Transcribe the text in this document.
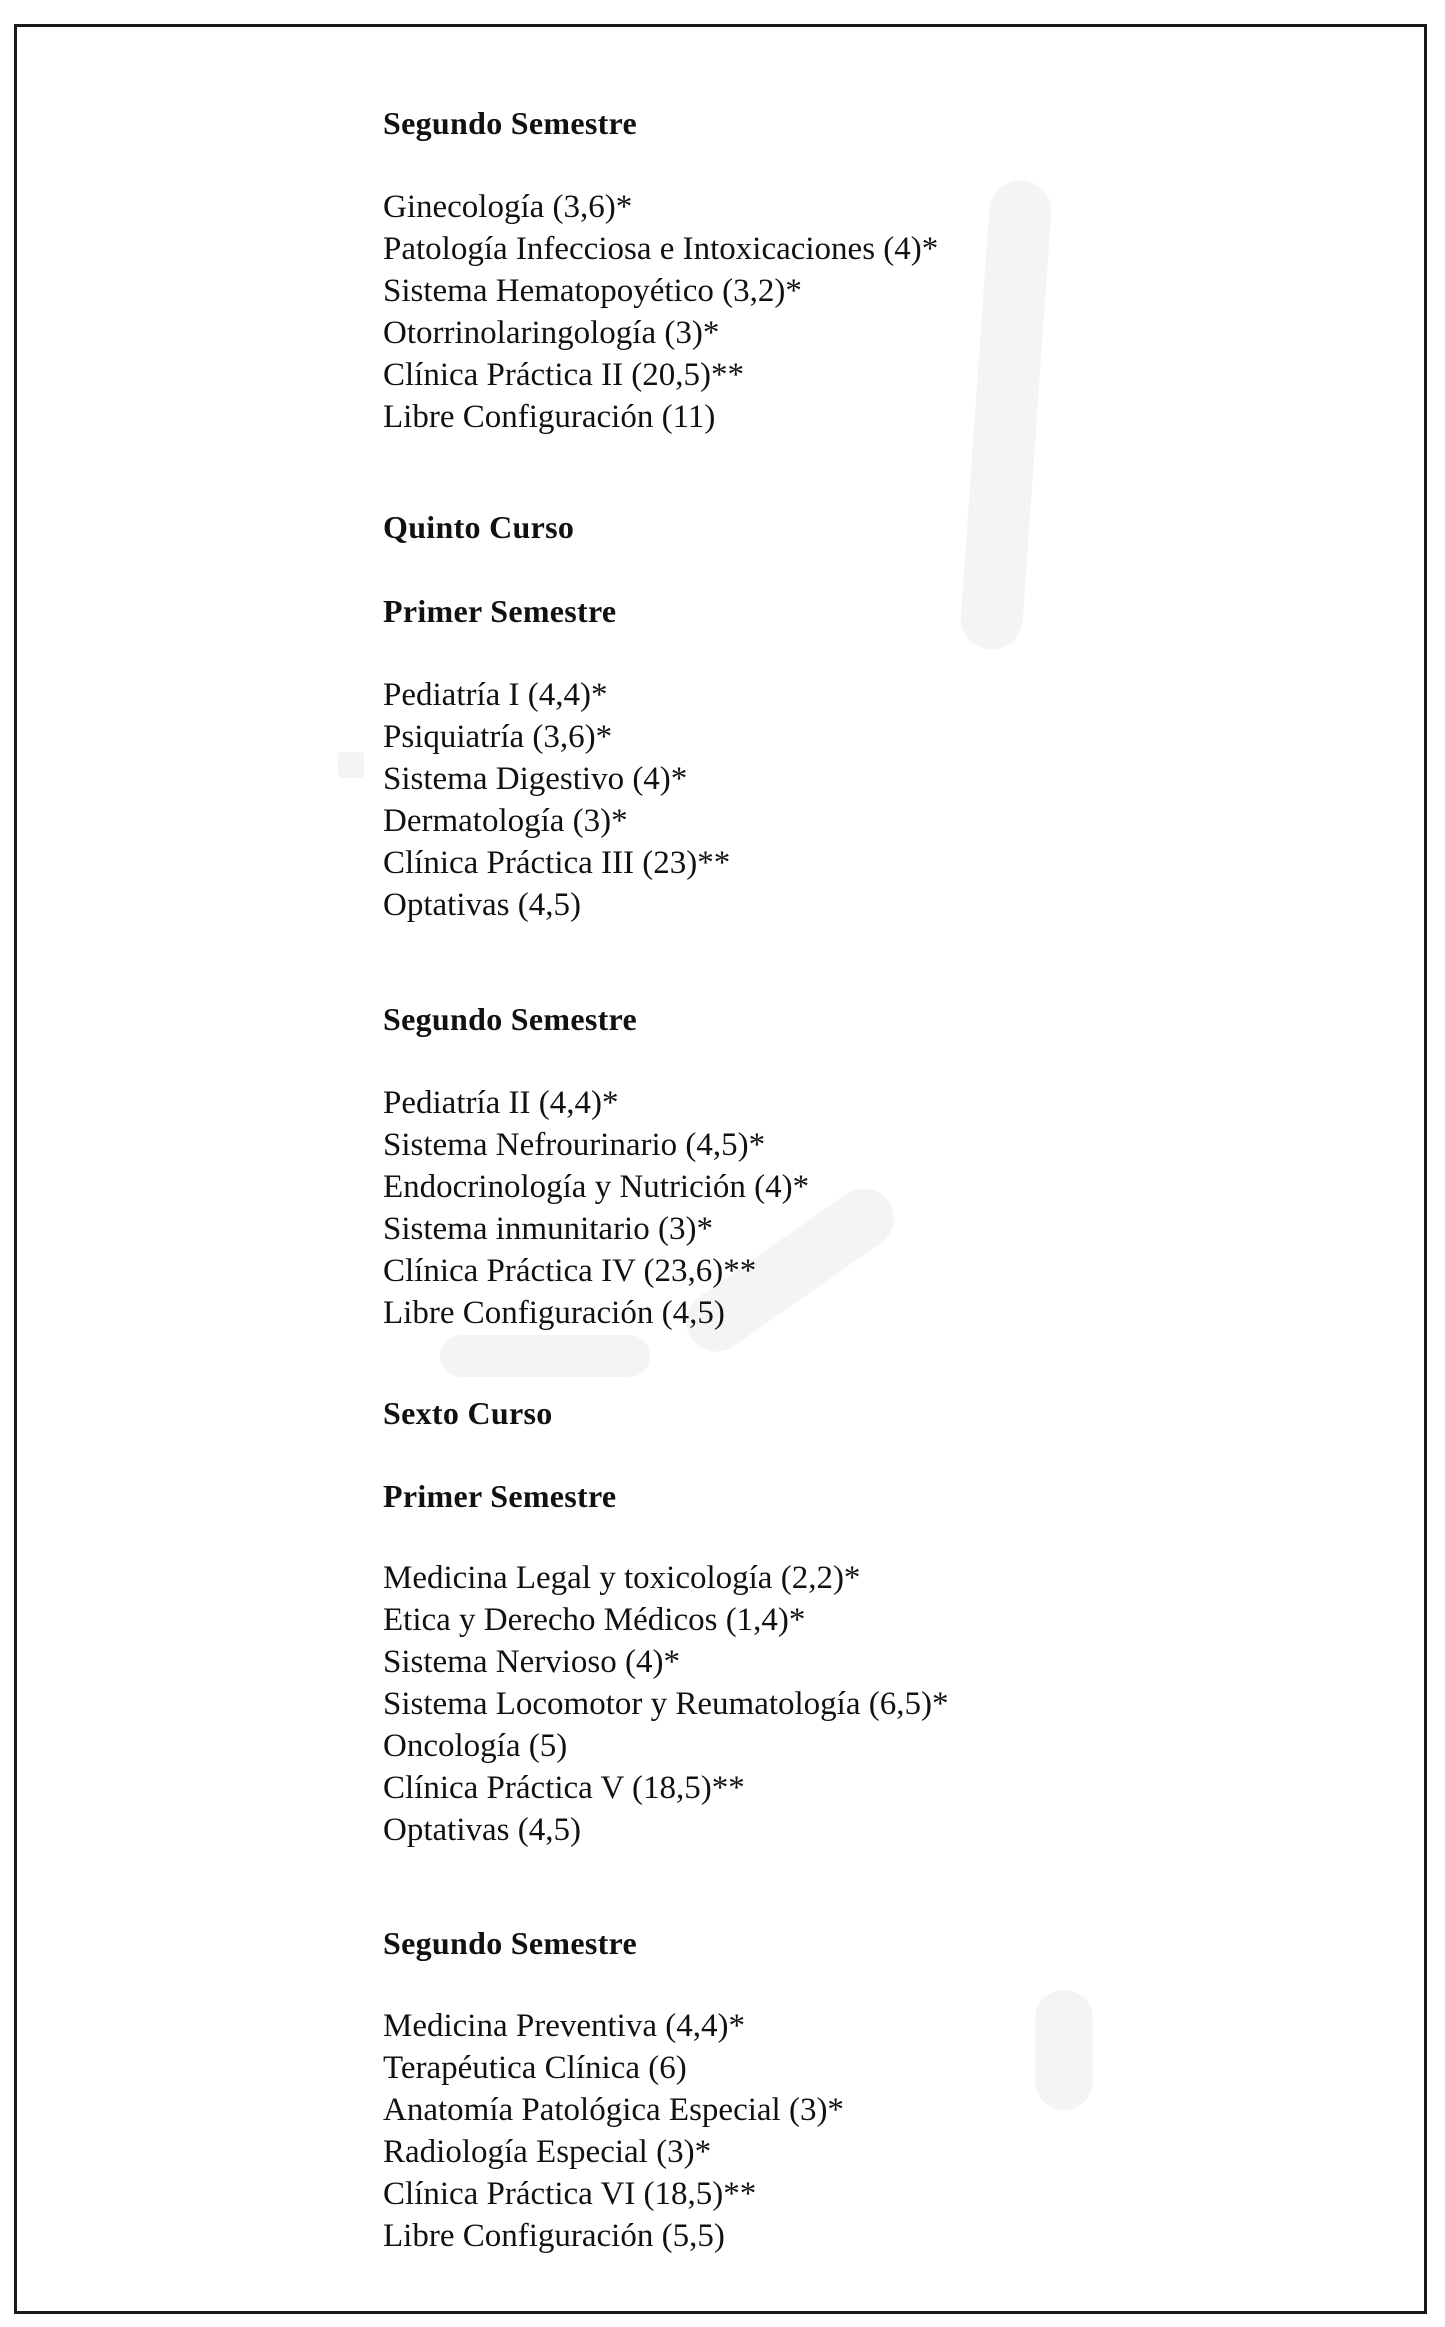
Segundo Semestre
Ginecología (3,6)*
Patología Infecciosa e Intoxicaciones (4)*
Sistema Hematopoyético (3,2)*
Otorrinolaringología (3)*
Clínica Práctica II (20,5)**
Libre Configuración (11)
Quinto Curso
Primer Semestre
Pediatría I (4,4)*
Psiquiatría (3,6)*
Sistema Digestivo (4)*
Dermatología (3)*
Clínica Práctica III (23)**
Optativas (4,5)
Segundo Semestre
Pediatría II (4,4)*
Sistema Nefrourinario (4,5)*
Endocrinología y Nutrición (4)*
Sistema inmunitario (3)*
Clínica Práctica IV (23,6)**
Libre Configuración (4,5)
Sexto Curso
Primer Semestre
Medicina Legal y toxicología (2,2)*
Etica y Derecho Médicos (1,4)*
Sistema Nervioso (4)*
Sistema Locomotor y Reumatología (6,5)*
Oncología (5)
Clínica Práctica V (18,5)**
Optativas (4,5)
Segundo Semestre
Medicina Preventiva (4,4)*
Terapéutica Clínica (6)
Anatomía Patológica Especial (3)*
Radiología Especial (3)*
Clínica Práctica VI (18,5)**
Libre Configuración (5,5)
